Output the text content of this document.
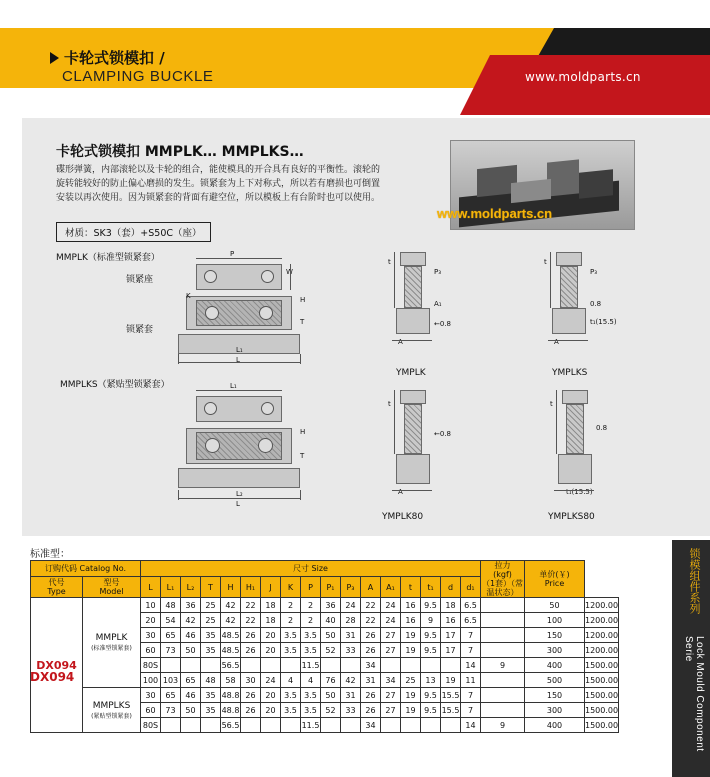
www.moldparts.cn
卡轮式锁模扣 /
CLAMPING BUCKLE
卡轮式锁模扣 MMPLK… MMPLKS…
碟形弹簧，内部滚轮以及卡轮的组合，能使模具的开合具有良好的平衡性。滚轮的旋转能较好的防止偏心磨损的发生。锁紧套为上下对称式，所以若有磨损也可倒置安装以再次使用。因为锁紧套的背面有避空位，所以模板上有台阶时也可以使用。
材质：SK3（套）+S50C（座）
www.moldparts.cn
MMPLK（标准型锁紧套）
锁紧座
锁紧套
P
W
H
T
L
L₁
K
MMPLKS（紧贴型锁紧套）	L₁
H
T
L₂
L
t
P₃
A₁
←0.8
A
YMPLK
t
P₃
0.8
t₁(15.5)
A
YMPLKS
t
←0.8
A
YMPLK80
t
0.8
t₁(15.5)
YMPLKS80
标准型：
订购代码 Catalog No.		尺寸 Size																	拉力
(kgf)
（1套）（常温状态）	单价(￥)
Price	

代号
Type	型号
Model	L	L₁	L₂	T	H	H₁	J	K	P	P₁	P₃	A	A₁	t	t₁	d	d₁			
DX094	MMPLK
(标准型锁紧套)	10	48	36	25	42	22	18	2	2	36	24	22	24	16	9.5	18	6.5		50	1200.00
		20	54	42	25	42	22	18	2	2	40	28	22	24	16	9	16	6.5		100	1200.00
		30	65	46	35	48.5	26	20	3.5	3.5	50	31	26	27	19	9.5	17	7		150	1200.00
		60	73	50	35	48.5	26	20	3.5	3.5	52	33	26	27	19	9.5	17	7		300	1200.00
		80S				56.5				11.5			34					14	9	400	1500.00
		100	103	65	48	58	30	24	4	4	76	42	31	34	25	13	19	11		500	1500.00

	MMPLKS
(紧贴型锁紧套)	30	65	46	35	48.8	26	20	3.5	3.5	50	31	26	27	19	9.5	15.5	7		150	1500.00
		60	73	50	35	48.8	26	20	3.5	3.5	52	33	26	27	19	9.5	15.5	7		300	1500.00
		80S				56.5				11.5			34					14	9	400	1500.00
DX094
锁模组件系列
Lock Mould Component Serie
